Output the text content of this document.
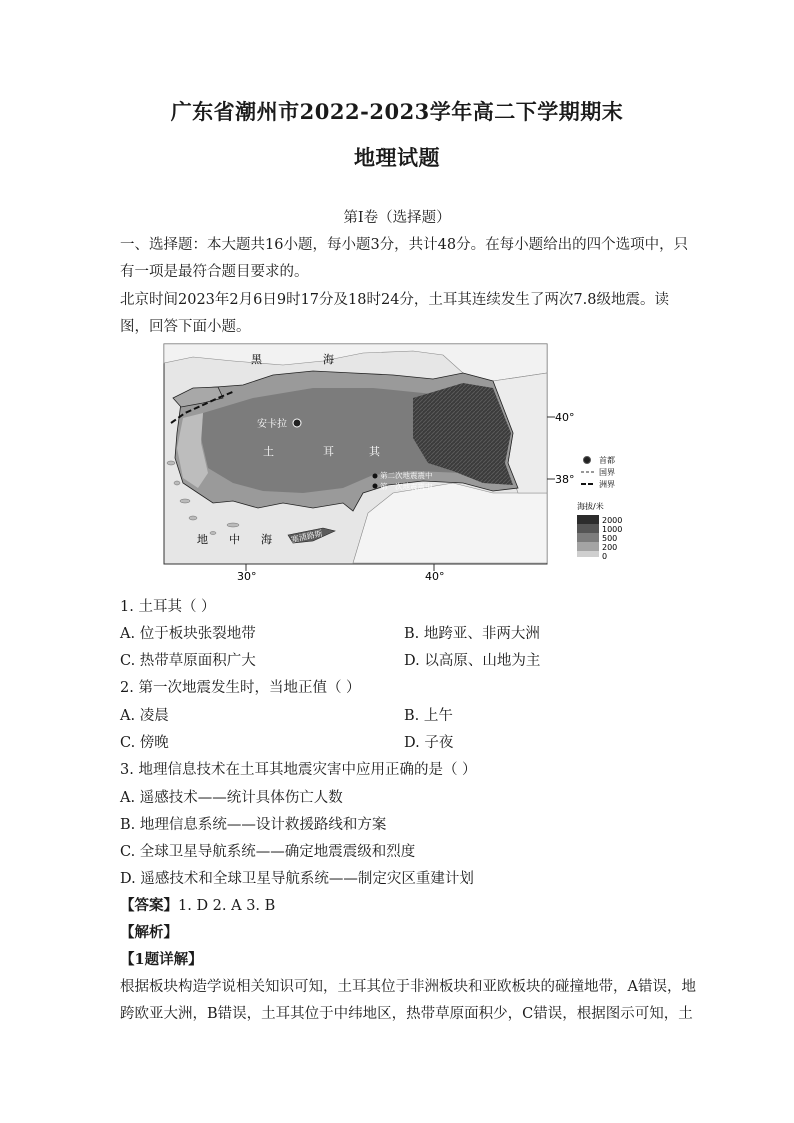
广东省潮州市2022-2023学年高二下学期期末
地理试题
第I卷（选择题）
一、选择题：本大题共16小题，每小题3分，共计48分。在每小题给出的四个选项中，只
有一项是最符合题目要求的。
北京时间2023年2月6日9时17分及18时24分，土耳其连续发生了两次7.8级地震。读
图，回答下面小题。
黑	海
安卡拉
土	耳	其
第二次地震震中
第一次地震震中
地 中 海 塞浦路斯
40°
38°
30°	40°
首都
国界
洲界
海拔/米
2000
1000
500
200
0
1. 土耳其（ ）
A. 位于板块张裂地带	B. 地跨亚、非两大洲
C. 热带草原面积广大	D. 以高原、山地为主
2. 第一次地震发生时，当地正值（ ）
A. 凌晨	B. 上午
C. 傍晚	D. 子夜
3. 地理信息技术在土耳其地震灾害中应用正确的是（ ）
A. 遥感技术——统计具体伤亡人数
B. 地理信息系统——设计救援路线和方案
C. 全球卫星导航系统——确定地震震级和烈度
D. 遥感技术和全球卫星导航系统——制定灾区重建计划
【答案】1. D 2. A 3. B
【解析】
【1题详解】
根据板块构造学说相关知识可知，土耳其位于非洲板块和亚欧板块的碰撞地带，A错误，地
跨欧亚大洲，B错误，土耳其位于中纬地区，热带草原面积少，C错误，根据图示可知，土
